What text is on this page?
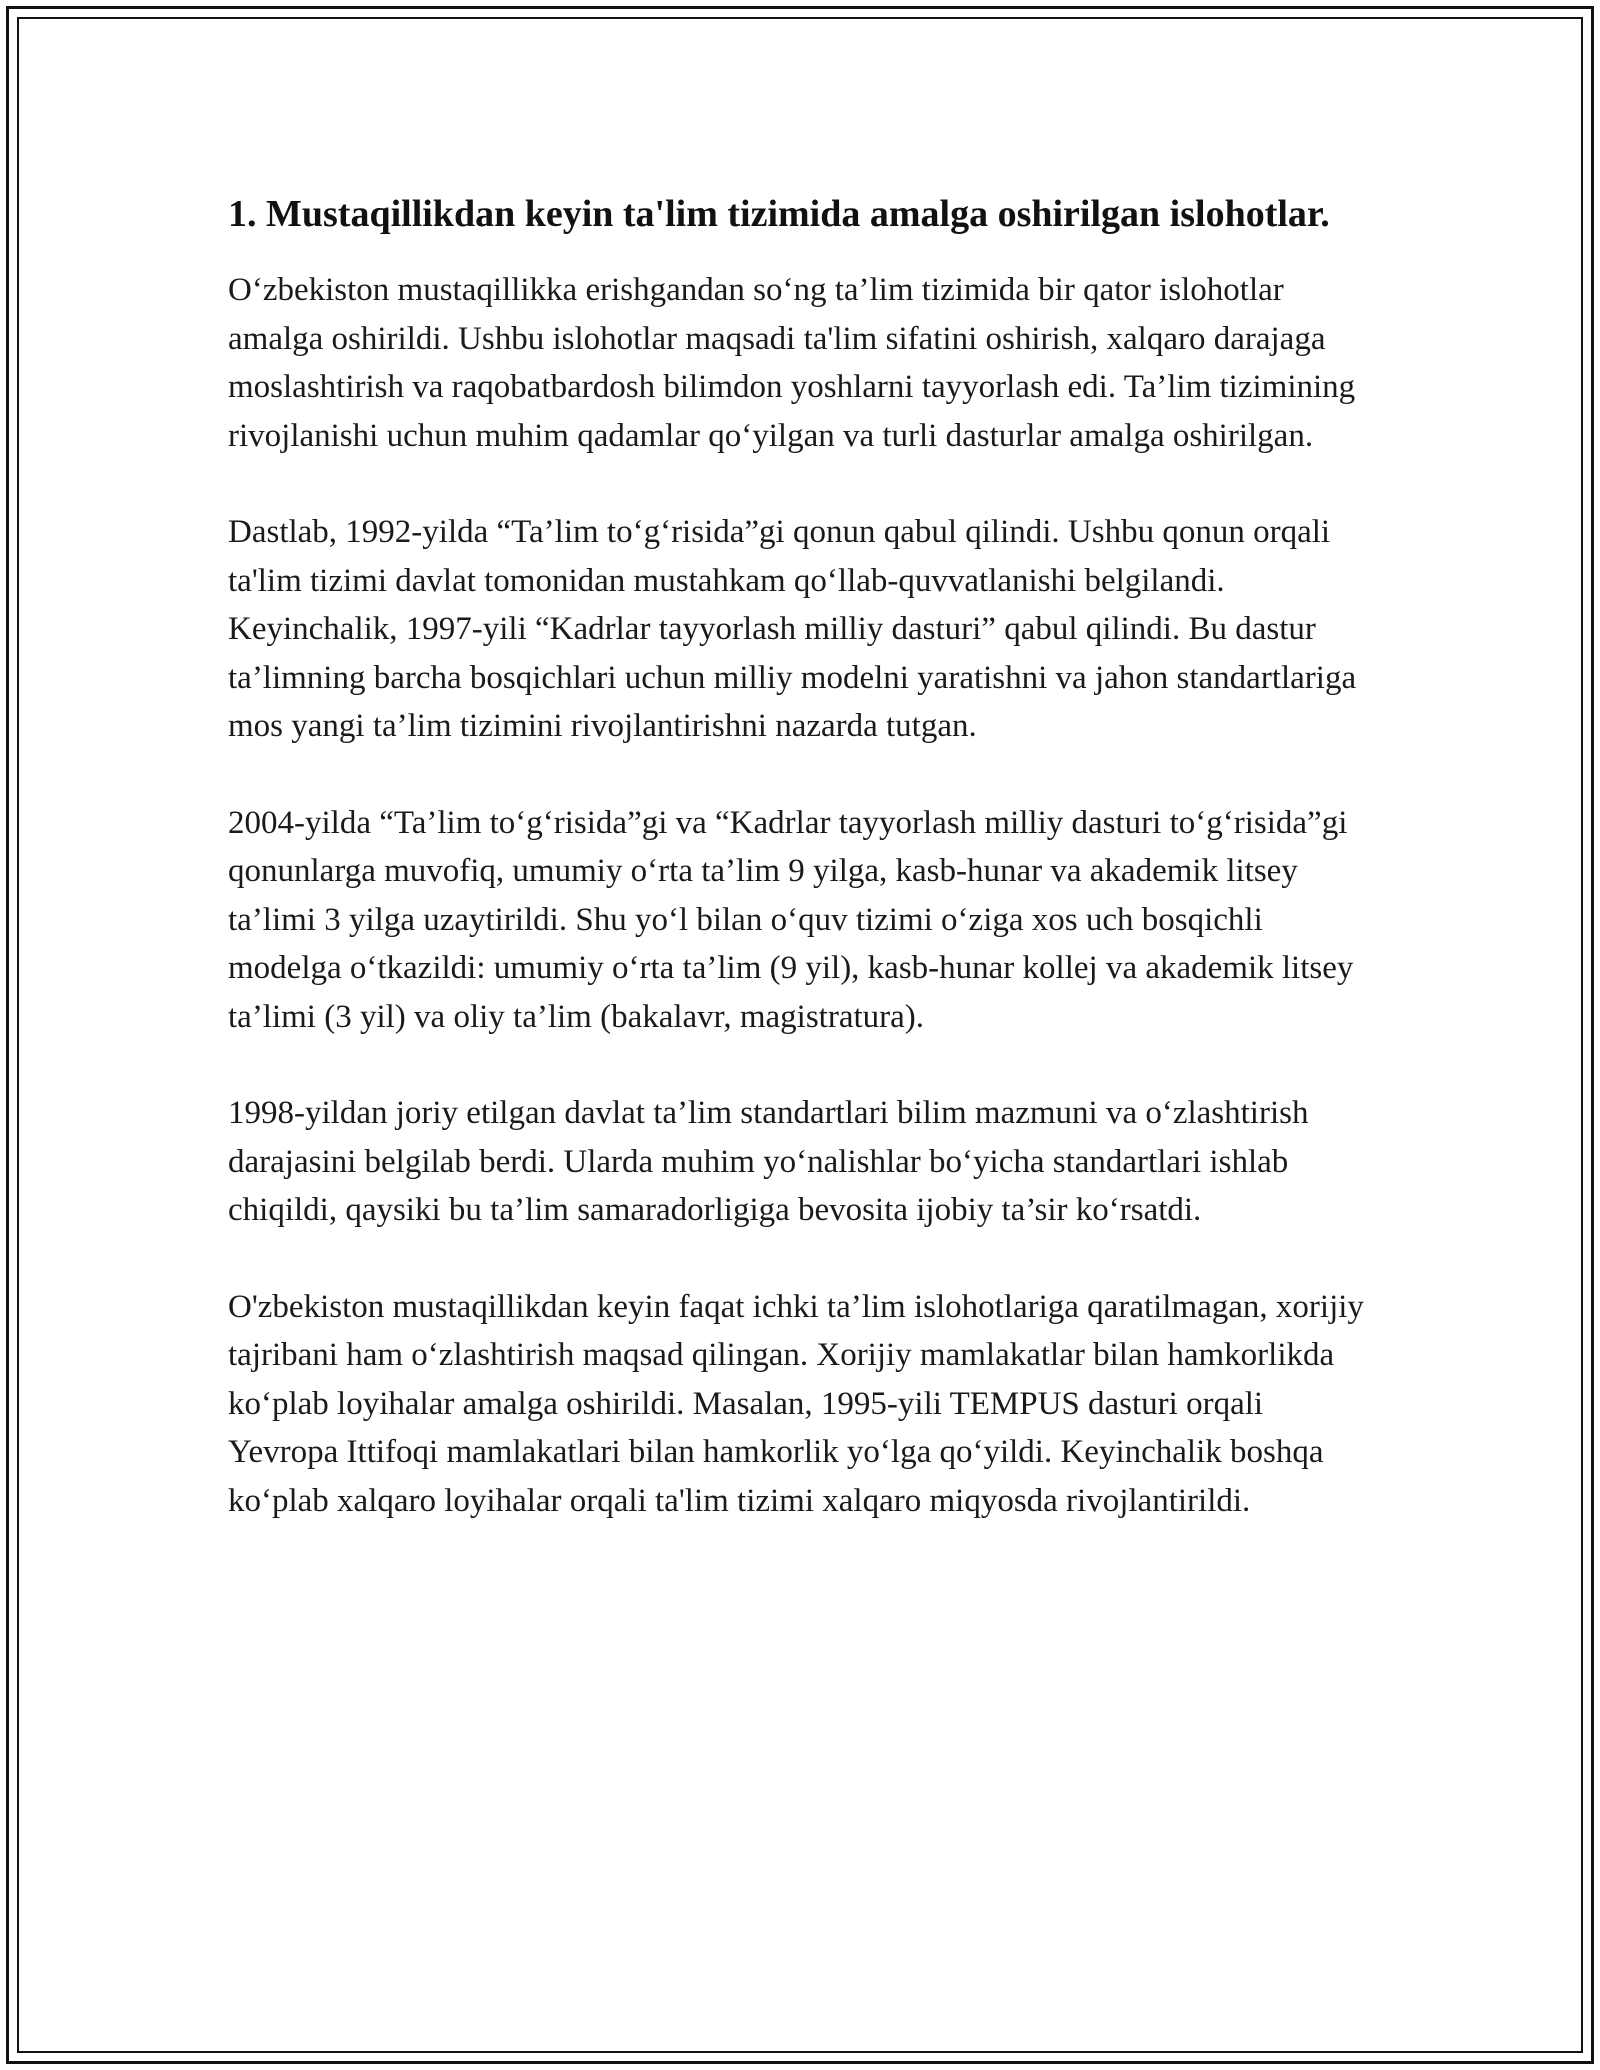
1. Mustaqillikdan keyin ta'lim tizimida amalga oshirilgan islohotlar.

O‘zbekiston mustaqillikka erishgandan so‘ng ta’lim tizimida bir qator islohotlar amalga oshirildi. Ushbu islohotlar maqsadi ta'lim sifatini oshirish, xalqaro darajaga moslashtirish va raqobatbardosh bilimdon yoshlarni tayyorlash edi. Ta’lim tizimining rivojlanishi uchun muhim qadamlar qo‘yilgan va turli dasturlar amalga oshirilgan.

Dastlab, 1992-yilda “Ta’lim to‘g‘risida”gi qonun qabul qilindi. Ushbu qonun orqali ta'lim tizimi davlat tomonidan mustahkam qo‘llab-quvvatlanishi belgilandi. Keyinchalik, 1997-yili “Kadrlar tayyorlash milliy dasturi” qabul qilindi. Bu dastur ta’limning barcha bosqichlari uchun milliy modelni yaratishni va jahon standartlariga mos yangi ta’lim tizimini rivojlantirishni nazarda tutgan.

2004-yilda “Ta’lim to‘g‘risida”gi va “Kadrlar tayyorlash milliy dasturi to‘g‘risida”gi qonunlarga muvofiq, umumiy o‘rta ta’lim 9 yilga, kasb-hunar va akademik litsey ta’limi 3 yilga uzaytirildi. Shu yo‘l bilan o‘quv tizimi o‘ziga xos uch bosqichli modelga o‘tkazildi: umumiy o‘rta ta’lim (9 yil), kasb-hunar kollej va akademik litsey ta’limi (3 yil) va oliy ta’lim (bakalavr, magistratura).

1998-yildan joriy etilgan davlat ta’lim standartlari bilim mazmuni va o‘zlashtirish darajasini belgilab berdi. Ularda muhim yo‘nalishlar bo‘yicha standartlari ishlab chiqildi, qaysiki bu ta’lim samaradorligiga bevosita ijobiy ta’sir ko‘rsatdi.

O'zbekiston mustaqillikdan keyin faqat ichki ta’lim islohotlariga qaratilmagan, xorijiy tajribani ham o‘zlashtirish maqsad qilingan. Xorijiy mamlakatlar bilan hamkorlikda ko‘plab loyihalar amalga oshirildi. Masalan, 1995-yili TEMPUS dasturi orqali Yevropa Ittifoqi mamlakatlari bilan hamkorlik yo‘lga qo‘yildi. Keyinchalik boshqa ko‘plab xalqaro loyihalar orqali ta'lim tizimi xalqaro miqyosda rivojlantirildi.
